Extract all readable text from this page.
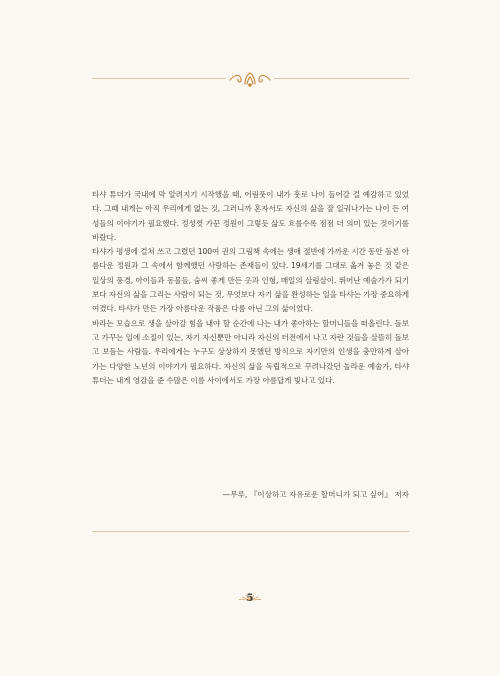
타샤 튜더가 국내에 막 알려지기 시작했을 때, 어림풋이 내가 훗로 나이 들어갈 걸 예감하고 있었다. 그때 내게는 아직 우리에게 없는 것, 그러니까 혼자서도 자신의 삶을 잘 일궈나가는 나이 든 여성들의 이야기가 필요했다. 정성껏 가꾼 정원이 그렇듯 삶도 흐를수록 점점 더 의미 있는 것이기를 바랐다.

타샤가 평생에 걸쳐 쓰고 그렸던 100여 권의 그림책 속에는 생애 절반에 가까운 시간 동안 돌본 아름다운 정원과 그 속에서 함께했던 사랑하는 존재들이 있다. 19세기를 그대로 옮겨 놓은 것 같은 일상의 풍경, 아이들과 동물들, 숨씨 좋게 만든 옷과 인형, 매일의 살림살이. 뛰어난 예술가가 되기보다 자신의 삶을 그리는 사람이 되는 것, 무엇보다 자기 삶을 완성하는 일을 타샤는 가장 중요하게 여겼다. 타샤가 만든 가장 아름다운 작품은 다름 아닌 그의 삶이었다.

바라는 모습으로 생을 살아갈 힘을 내야 할 순간에 나는 내가 좋아하는 할머니들을 떠올린다. 돌보고 가꾸는 일에 소질이 있는, 자기 자신뿐만 아니라 자신의 터전에서 나고 자란 것들을 살뜰히 돌보고 보듬는 사람들. 우리에게는 누구도 상상하지 못했던 방식으로 자기만의 인생을 충만하게 살아가는 다양한 노년의 이야기가 필요하다. 자신의 삶을 독립적으로 꾸려나갔던 놀라운 예술가, 타샤 튜더는 내게 영감을 준 수많은 이름 사이에서도 가장 아름답게 빛나고 있다.

—무루, 『이상하고 자유로운 할머니가 되고 싶어』 저자
5
